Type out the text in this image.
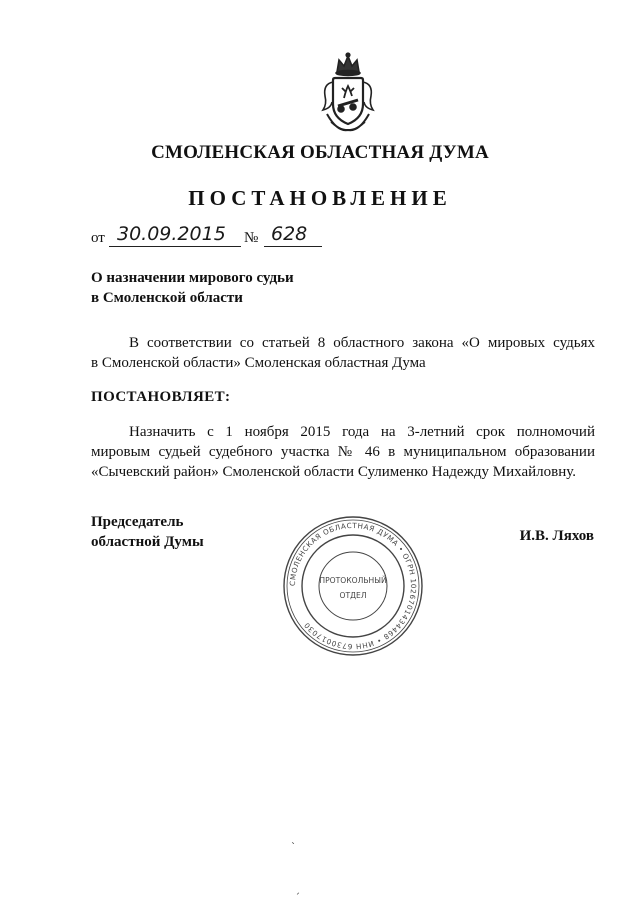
СМОЛЕНСКАЯ ОБЛАСТНАЯ ДУМА
ПОСТАНОВЛЕНИЕ
от 30.09.2015 № 628
О назначении мирового судьи
в Смоленской области
В соответствии со статьей 8 областного закона «О мировых судьях
в Смоленской области» Смоленская областная Дума
ПОСТАНОВЛЯЕТ:
Назначить с 1 ноября 2015 года на 3-летний срок полномочий
мировым судьей судебного участка № 46 в муниципальном образовании
«Сычевский район» Смоленской области Сулименко Надежду Михайловну.
Председатель
областной Думы	И.В. Ляхов
СМОЛЕНСКАЯ ОБЛАСТНАЯ ДУМА • ОГРН 1026701434468 • ИНН 6730017030
ПРОТОКОЛЬНЫЙ
ОТДЕЛ
ˋ
ˏ
